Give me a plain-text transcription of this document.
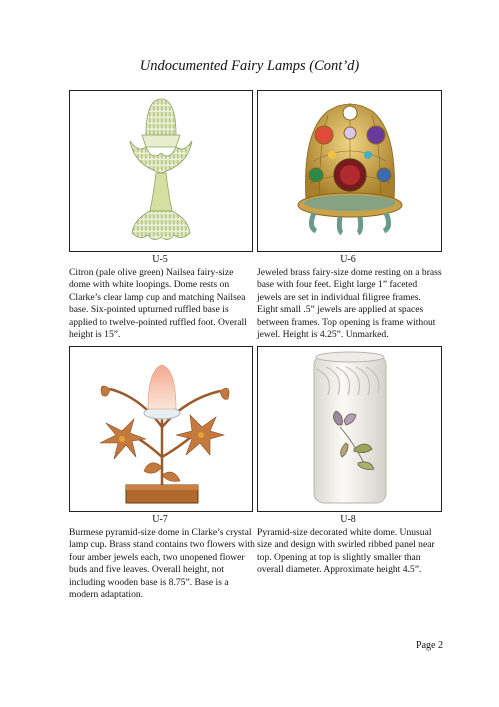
Undocumented Fairy Lamps (Cont’d)
U-5	U-6
Citron (pale olive green) Nailsea fairy-size dome with white loopings. Dome rests on Clarke’s clear lamp cup and matching Nailsea base. Six-pointed upturned ruffled base is applied to twelve-pointed ruffled foot. Overall height is 15”.
Jeweled brass fairy-size dome resting on a brass base with four feet. Eight large 1” faceted jewels are set in individual filigree frames. Eight small .5” jewels are applied at spaces between frames. Top opening is frame without jewel. Height is 4.25”. Unmarked.
U-7	U-8
Burmese pyramid-size dome in Clarke’s crystal lamp cup. Brass stand contains two flowers with four amber jewels each, two unopened flower buds and five leaves. Overall height, not including wooden base is 8.75”. Base is a modern adaptation.
Pyramid-size decorated white dome. Unusual size and design with swirled ribbed panel near top. Opening at top is slightly smaller than overall diameter. Approximate height 4.5”.
Page 2
